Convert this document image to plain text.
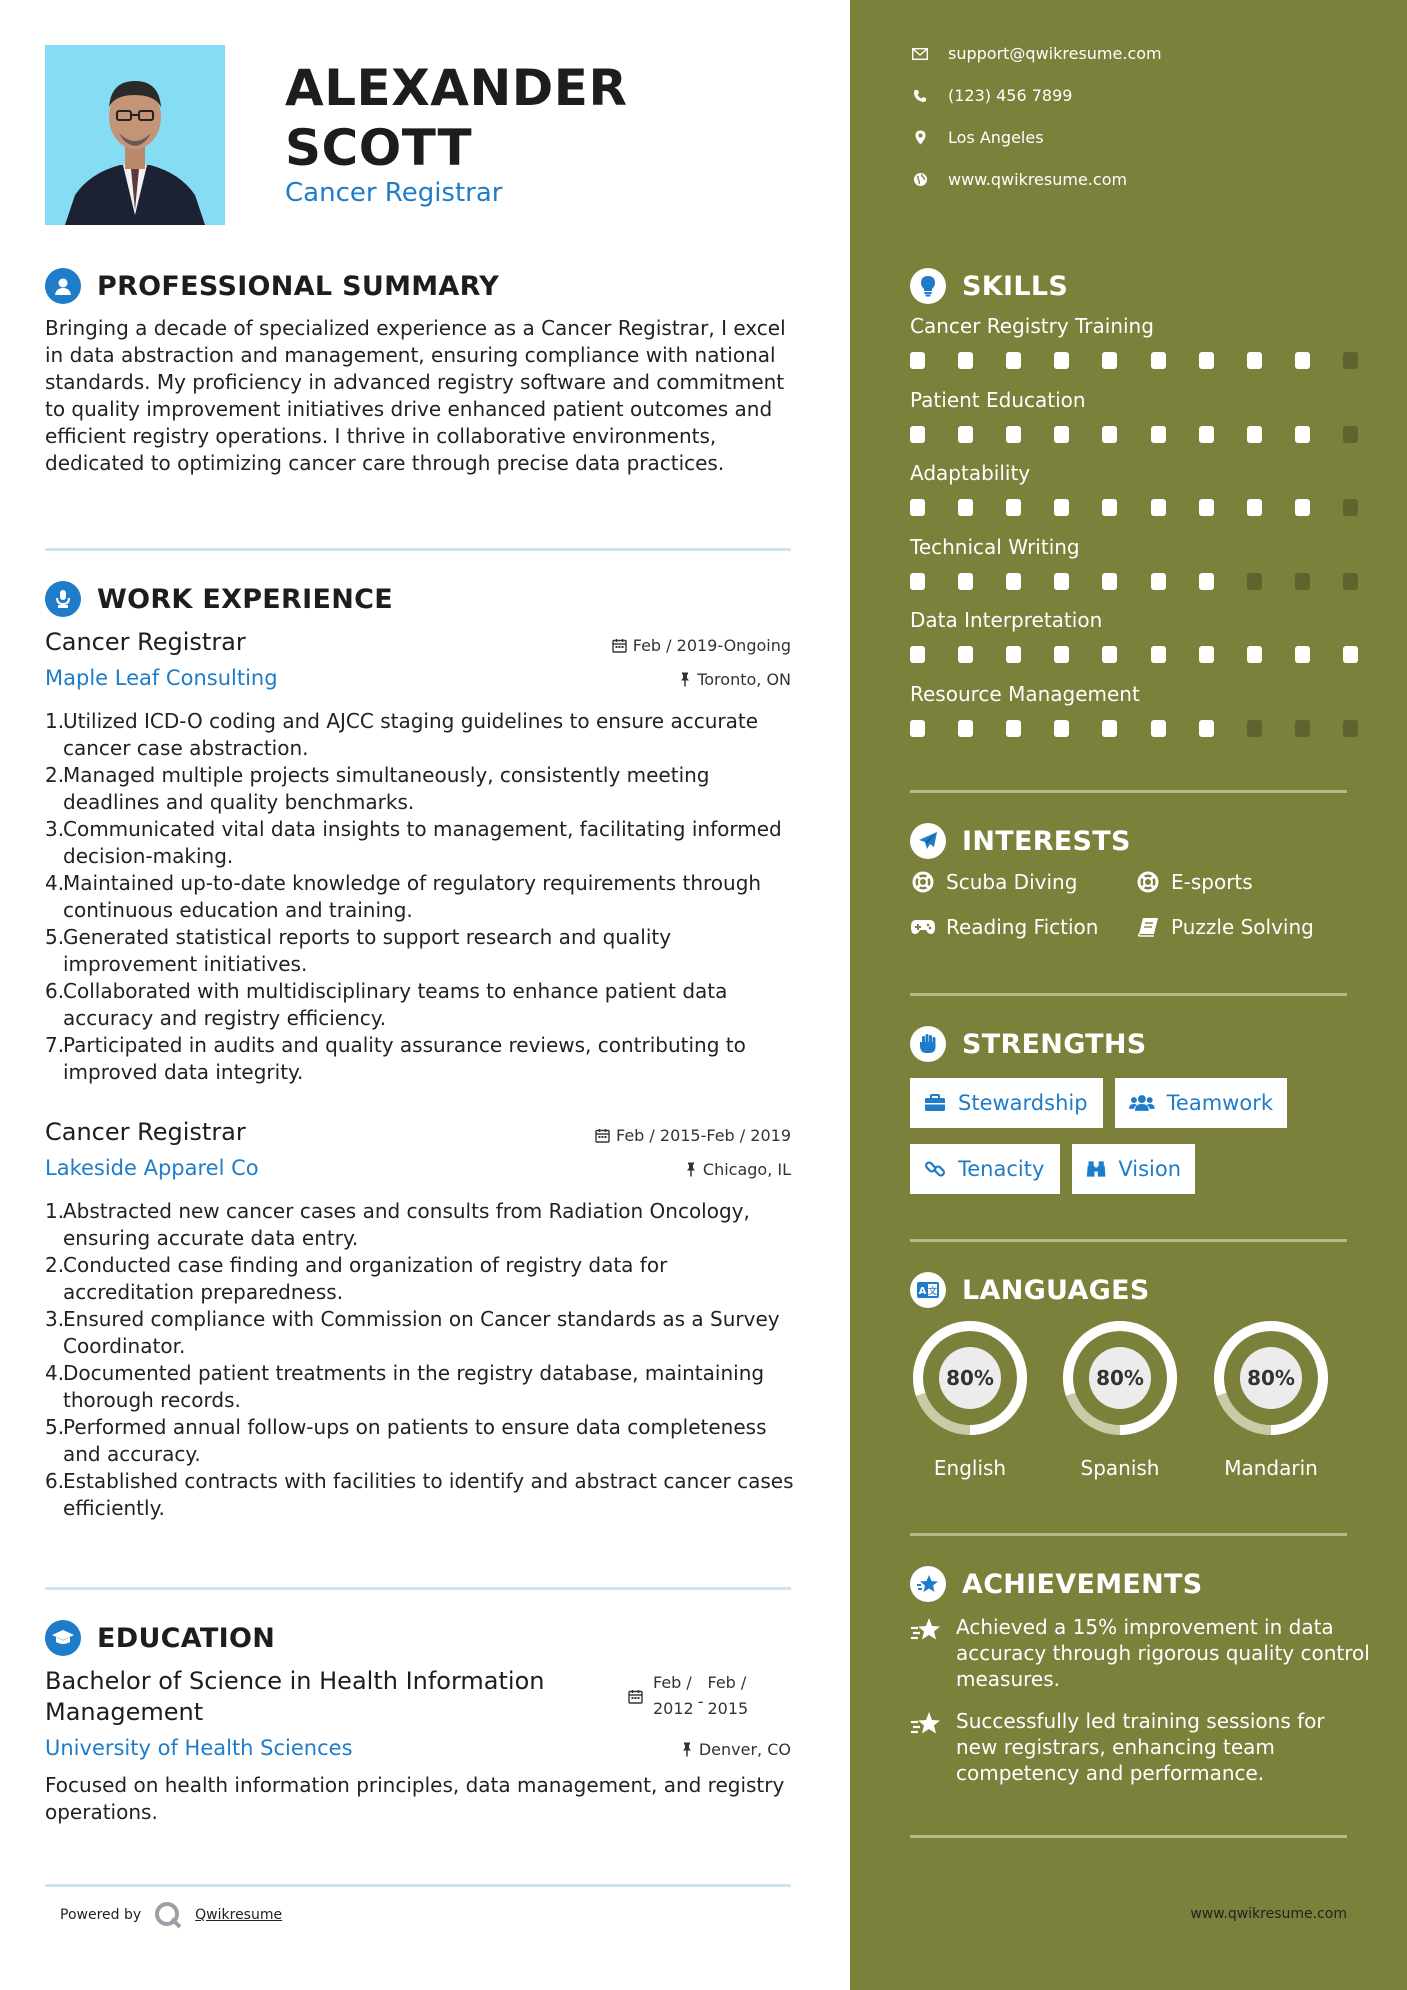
ALEXANDER
SCOTT
Cancer Registrar
PROFESSIONAL SUMMARY
Bringing a decade of specialized experience as a Cancer Registrar, I excel in data abstraction and management, ensuring compliance with national standards. My proficiency in advanced registry software and commitment to quality improvement initiatives drive enhanced patient outcomes and efficient registry operations. I thrive in collaborative environments, dedicated to optimizing cancer care through precise data practices.
WORK EXPERIENCE
Cancer Registrar	Feb / 2019-Ongoing
Maple Leaf Consulting	Toronto, ON
1.
Utilized ICD-O coding and AJCC staging guidelines to ensure accurate cancer case abstraction.
2.
Managed multiple projects simultaneously, consistently meeting deadlines and quality benchmarks.
3.
Communicated vital data insights to management, facilitating informed decision-making.
4.
Maintained up-to-date knowledge of regulatory requirements through continuous education and training.
5.
Generated statistical reports to support research and quality improvement initiatives.
6.
Collaborated with multidisciplinary teams to enhance patient data accuracy and registry efficiency.
7.
Participated in audits and quality assurance reviews, contributing to improved data integrity.
Cancer Registrar	Feb / 2015-Feb / 2019
Lakeside Apparel Co	Chicago, IL
1.
Abstracted new cancer cases and consults from Radiation Oncology, ensuring accurate data entry.
2.
Conducted case finding and organization of registry data for accreditation preparedness.
3.
Ensured compliance with Commission on Cancer standards as a Survey Coordinator.
4.
Documented patient treatments in the registry database, maintaining thorough records.
5.
Performed annual follow-ups on patients to ensure data completeness and accuracy.
6.
Established contracts with facilities to identify and abstract cancer cases efficiently.
EDUCATION
Bachelor of Science in Health Information Management
Feb /
2012 -
Feb /
2015
University of Health Sciences	Denver, CO
Focused on health information principles, data management, and registry operations.
Powered by	Qwikresume
support@qwikresume.com
(123) 456 7899
Los Angeles
www.qwikresume.com
SKILLS
INTERESTS
Scuba Diving	E-sports
Reading Fiction	Puzzle Solving
STRENGTHS
Stewardship	Teamwork
Tenacity	Vision
A 文 LANGUAGES
ACHIEVEMENTS
Achieved a 15% improvement in data accuracy through rigorous quality control measures.
Successfully led training sessions for new registrars, enhancing team competency and performance.
www.qwikresume.com
Cancer Registry Training
Patient Education
Adaptability
Technical Writing
Data Interpretation
Resource Management
80%
English
80%
Spanish
80%
Mandarin
